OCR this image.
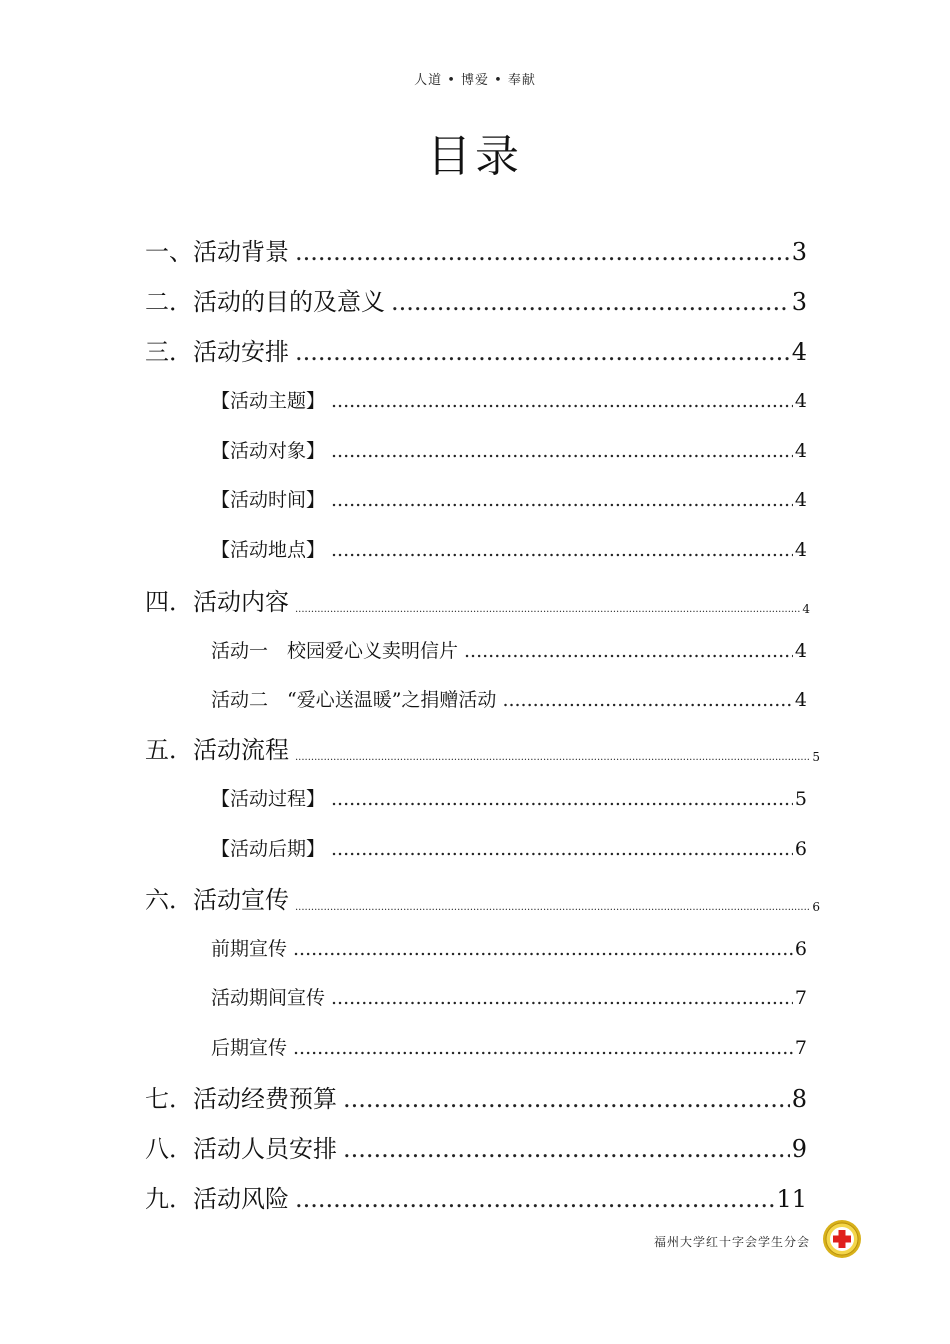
人道 • 博爱 • 奉献
目录
一、活动背景 .....	3
二．活动的目的及意义 .....	3
三．活动安排 .....	4
【活动主题】 .....	4
【活动对象】 .....	4
【活动时间】 .....	4
【活动地点】 .....	4
四．活动内容 .....	4
活动一　校园爱心义卖明信片 .....	4
活动二　“爱心送温暖”之捐赠活动 .....	4
五．活动流程 .....	5
【活动过程】 .....	5
【活动后期】 .....	6
六．活动宣传 .....	6
前期宣传 .....	6
活动期间宣传 .....	7
后期宣传 .....	7
七．活动经费预算 .....	8
八．活动人员安排 .....	9
九．活动风险 .....	11
福州大学红十字会学生分会
